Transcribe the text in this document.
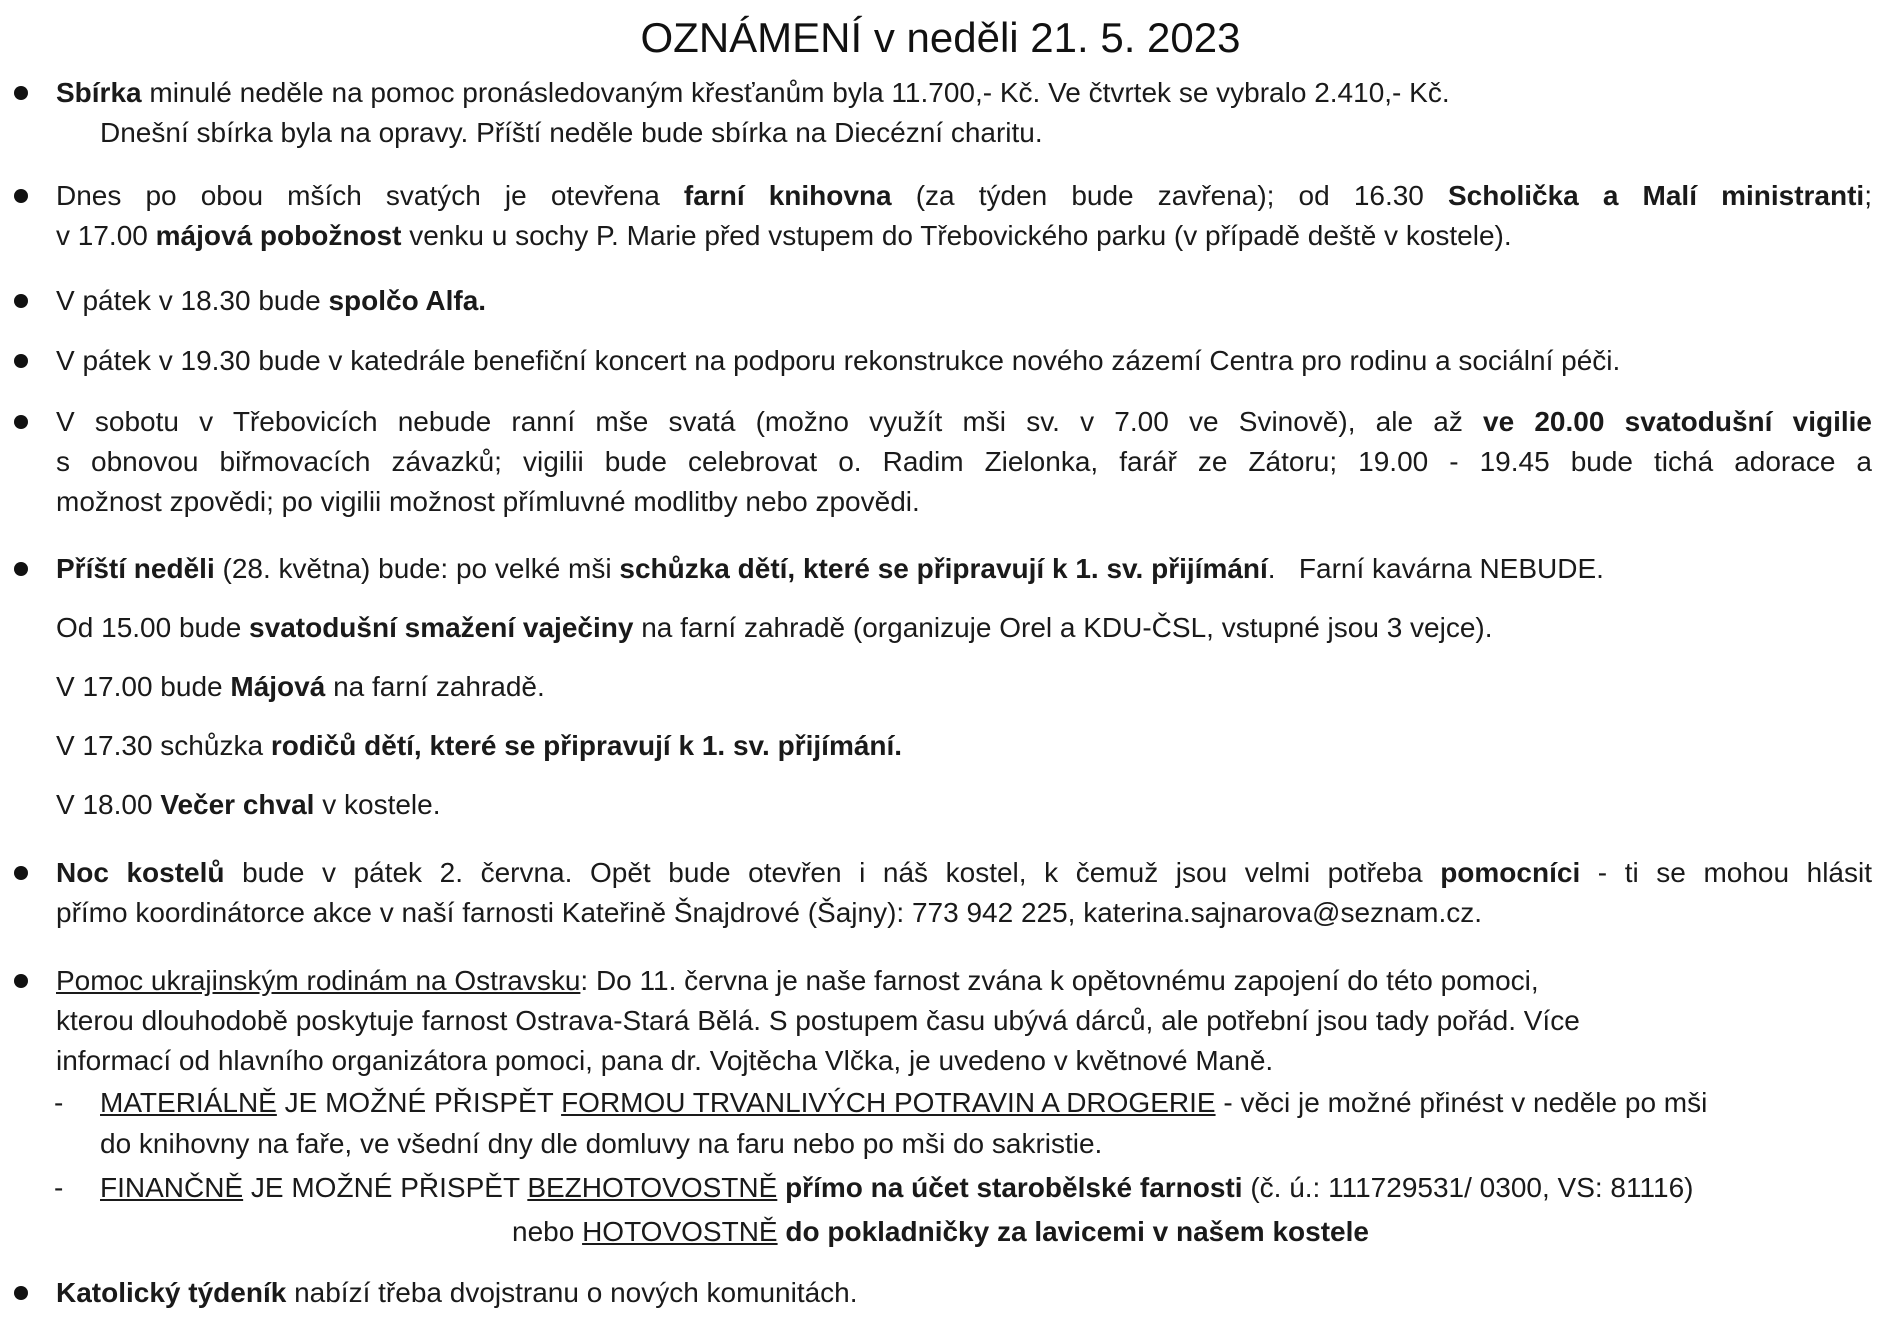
OZNÁMENÍ v neděli 21. 5. 2023
Sbírka minulé neděle na pomoc pronásledovaným křesťanům byla 11.700,- Kč. Ve čtvrtek se vybralo 2.410,- Kč.
Dnešní sbírka byla na opravy. Příští neděle bude sbírka na Diecézní charitu.
Dnes po obou mších svatých je otevřena farní knihovna (za týden bude zavřena); od 16.30 Scholička a Malí ministranti;
v 17.00 májová pobožnost venku u sochy P. Marie před vstupem do Třebovického parku (v případě deště v kostele).
V pátek v 18.30 bude spolčo Alfa.
V pátek v 19.30 bude v katedrále benefiční koncert na podporu rekonstrukce nového zázemí Centra pro rodinu a sociální péči.
V sobotu v Třebovicích nebude ranní mše svatá (možno využít mši sv. v 7.00 ve Svinově), ale až ve 20.00 svatodušní vigilie
s obnovou biřmovacích závazků; vigilii bude celebrovat o. Radim Zielonka, farář ze Zátoru; 19.00 - 19.45 bude tichá adorace a
možnost zpovědi; po vigilii možnost přímluvné modlitby nebo zpovědi.
Příští neděli (28. května) bude: po velké mši schůzka dětí, které se připravují k 1. sv. přijímání.   Farní kavárna NEBUDE.
Od 15.00 bude svatodušní smažení vaječiny na farní zahradě (organizuje Orel a KDU-ČSL, vstupné jsou 3 vejce).
V 17.00 bude Májová na farní zahradě.
V 17.30 schůzka rodičů dětí, které se připravují k 1. sv. přijímání.
V 18.00 Večer chval v kostele.
Noc kostelů bude v pátek 2. června. Opět bude otevřen i náš kostel, k čemuž jsou velmi potřeba pomocníci - ti se mohou hlásit
přímo koordinátorce akce v naší farnosti Kateřině Šnajdrové (Šajny): 773 942 225, katerina.sajnarova@seznam.cz.
Pomoc ukrajinským rodinám na Ostravsku: Do 11. června je naše farnost zvána k opětovnému zapojení do této pomoci,
kterou dlouhodobě poskytuje farnost Ostrava-Stará Bělá. S postupem času ubývá dárců, ale potřební jsou tady pořád. Více
informací od hlavního organizátora pomoci, pana dr. Vojtěcha Vlčka, je uvedeno v květnové Maně.
- MATERIÁLNĚ JE MOŽNÉ PŘISPĚT FORMOU TRVANLIVÝCH POTRAVIN A DROGERIE - věci je možné přinést v neděle po mši
do knihovny na faře, ve všední dny dle domluvy na faru nebo po mši do sakristie.
- FINANČNĚ JE MOŽNÉ PŘISPĚT BEZHOTOVOSTNĚ přímo na účet starobělské farnosti (č. ú.: 111729531/ 0300, VS: 81116)
nebo HOTOVOSTNĚ do pokladničky za lavicemi v našem kostele
Katolický týdeník nabízí třeba dvojstranu o nových komunitách.
